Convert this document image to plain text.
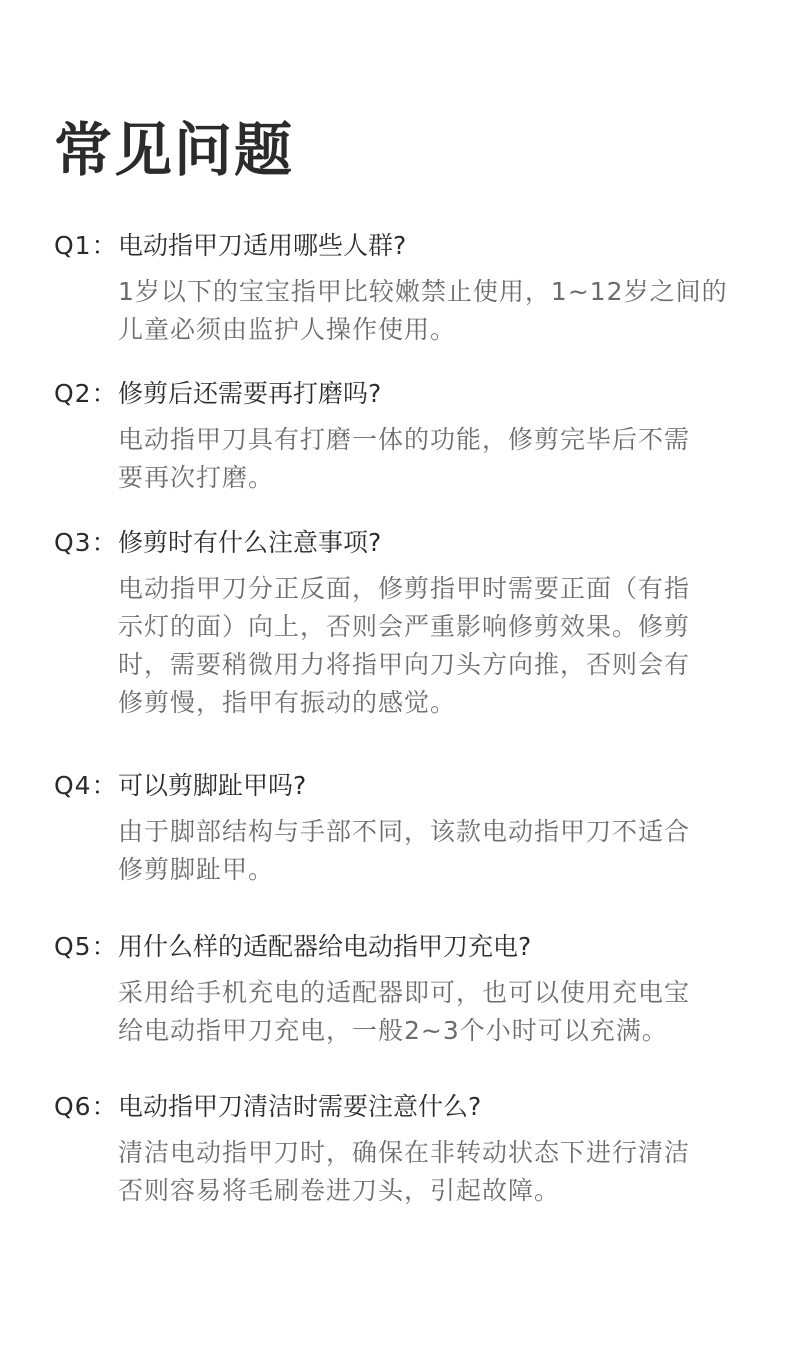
常见问题
Q1： 电动指甲刀适用哪些人群?
1岁以下的宝宝指甲比较嫩禁止使用，1~12岁之间的
儿童必须由监护人操作使用。
Q2： 修剪后还需要再打磨吗?
电动指甲刀具有打磨一体的功能，修剪完毕后不需
要再次打磨。
Q3： 修剪时有什么注意事项?
电动指甲刀分正反面，修剪指甲时需要正面（有指
示灯的面）向上，否则会严重影响修剪效果。修剪
时，需要稍微用力将指甲向刀头方向推，否则会有
修剪慢，指甲有振动的感觉。
Q4： 可以剪脚趾甲吗?
由于脚部结构与手部不同，该款电动指甲刀不适合
修剪脚趾甲。
Q5： 用什么样的适配器给电动指甲刀充电?
采用给手机充电的适配器即可，也可以使用充电宝
给电动指甲刀充电，一般2~3个小时可以充满。
Q6： 电动指甲刀清洁时需要注意什么?
清洁电动指甲刀时，确保在非转动状态下进行清洁
否则容易将毛刷卷进刀头，引起故障。
